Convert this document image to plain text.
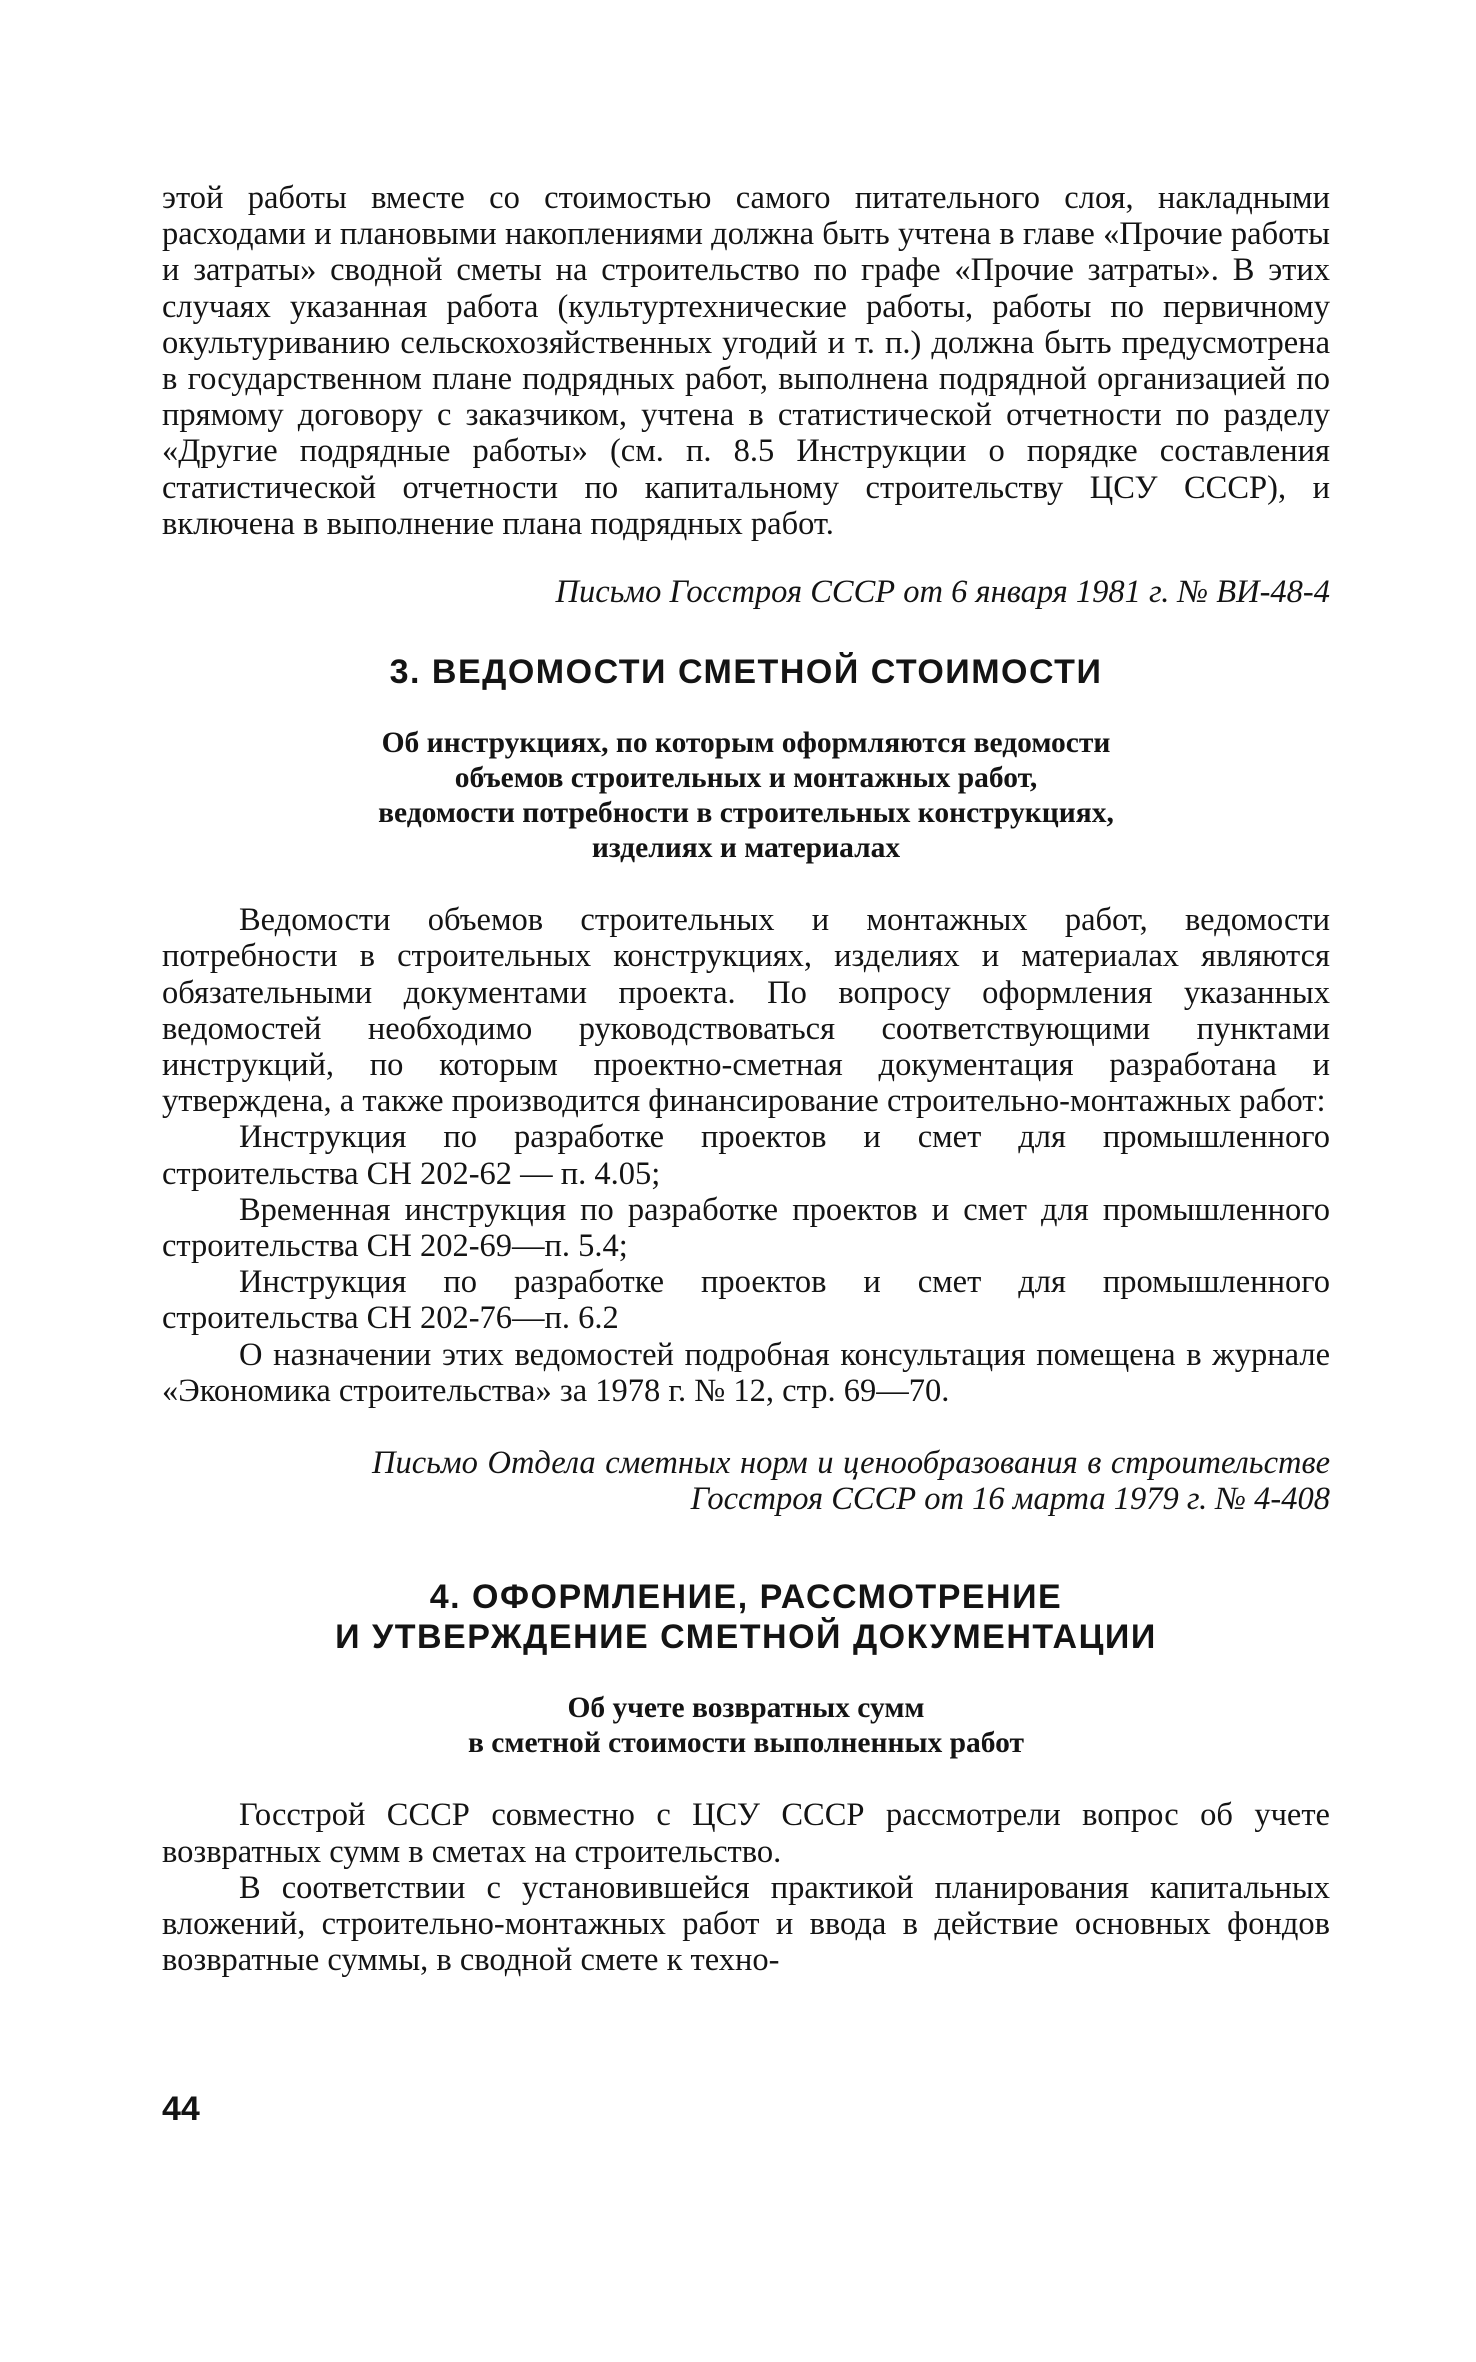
этой работы вместе со стоимостью самого питательного слоя, накладными расходами и плановыми накоплениями должна быть учтена в главе «Прочие работы и затраты» сводной сметы на строительство по графе «Прочие затраты». В этих случаях указанная работа (культуртехнические работы, работы по первичному окультуриванию сельскохозяйственных угодий и т. п.) должна быть предусмотрена в государственном плане подрядных работ, выполнена подрядной организацией по прямому договору с заказчиком, учтена в статистической отчетности по разделу «Другие подрядные работы» (см. п. 8.5 Инструкции о порядке составления статистической отчетности по капитальному строительству ЦСУ СССР), и включена в выполнение плана подрядных работ.

Письмо Госстроя СССР от 6 января 1981 г. № ВИ-48-4

3. ВЕДОМОСТИ СМЕТНОЙ СТОИМОСТИ
Об инструкциях, по которым оформляются ведомости
объемов строительных и монтажных работ,
ведомости потребности в строительных конструкциях,
изделиях и материалах

Ведомости объемов строительных и монтажных работ, ведомости потребности в строительных конструкциях, изделиях и материалах являются обязательными документами проекта. По вопросу оформления указанных ведомостей необходимо руководствоваться соответствующими пунктами инструкций, по которым проектно-сметная документация разработана и утверждена, а также производится финансирование строительно-монтажных работ:

Инструкция по разработке проектов и смет для промышленного строительства СН 202-62 — п. 4.05;

Временная инструкция по разработке проектов и смет для промышленного строительства СН 202-69—п. 5.4;

Инструкция по разработке проектов и смет для промышленного строительства СН 202-76—п. 6.2

О назначении этих ведомостей подробная консультация помещена в журнале «Экономика строительства» за 1978 г. № 12, стр. 69—70.

Письмо Отдела сметных норм и ценообразования в строительстве Госстроя СССР от 16 марта 1979 г. № 4-408

4. ОФОРМЛЕНИЕ, РАССМОТРЕНИЕ
И УТВЕРЖДЕНИЕ СМЕТНОЙ ДОКУМЕНТАЦИИ
Об учете возвратных сумм
в сметной стоимости выполненных работ

Госстрой СССР совместно с ЦСУ СССР рассмотрели вопрос об учете возвратных сумм в сметах на строительство.

В соответствии с установившейся практикой планирования капитальных вложений, строительно-монтажных работ и ввода в действие основных фондов возвратные суммы, в сводной смете к техно-

44
